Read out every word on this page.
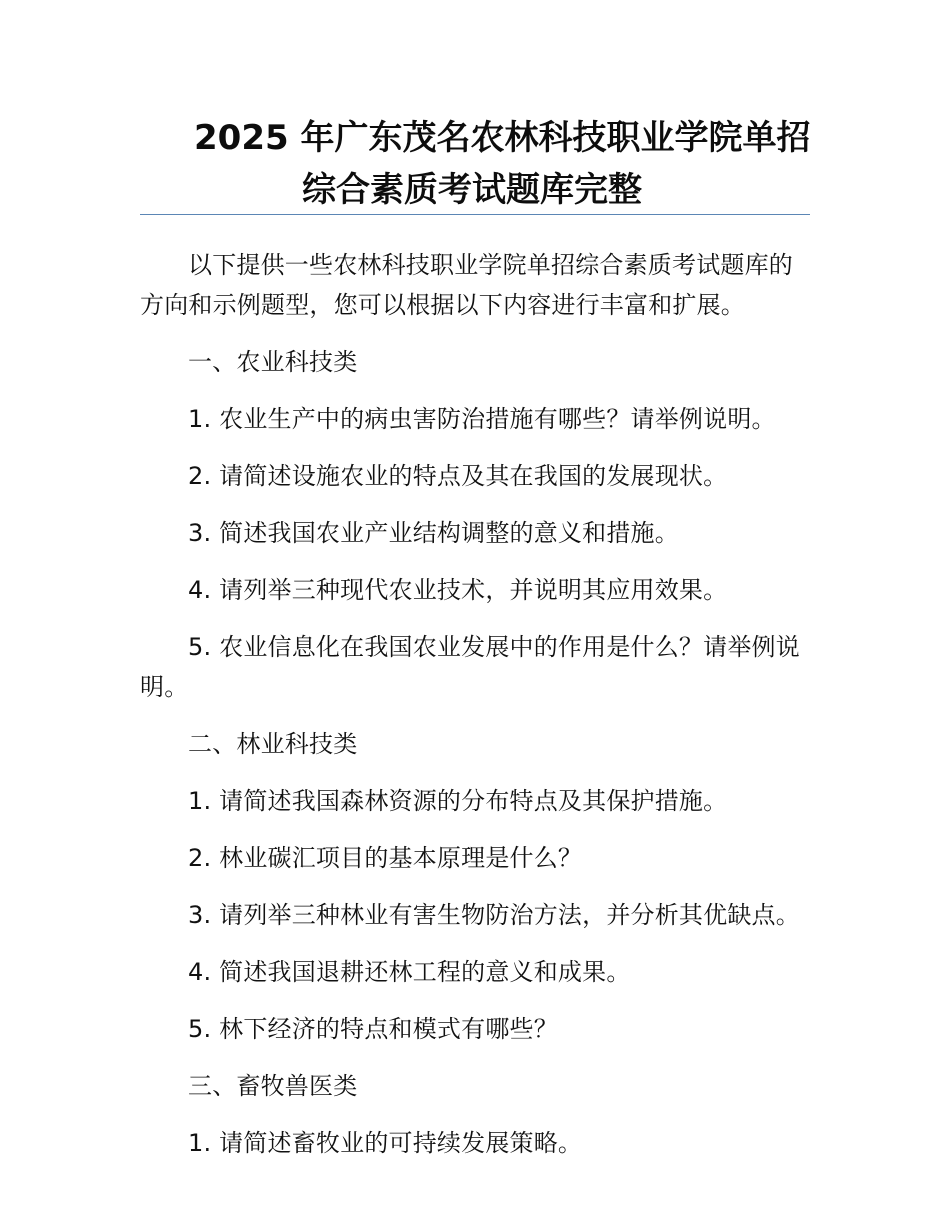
2025 年广东茂名农林科技职业学院单招
综合素质考试题库完整

以下提供一些农林科技职业学院单招综合素质考试题库的方向和示例题型，您可以根据以下内容进行丰富和扩展。

一、农业科技类

1. 农业生产中的病虫害防治措施有哪些？请举例说明。

2. 请简述设施农业的特点及其在我国的发展现状。

3. 简述我国农业产业结构调整的意义和措施。

4. 请列举三种现代农业技术，并说明其应用效果。

5. 农业信息化在我国农业发展中的作用是什么？请举例说明。

二、林业科技类

1. 请简述我国森林资源的分布特点及其保护措施。

2. 林业碳汇项目的基本原理是什么？

3. 请列举三种林业有害生物防治方法，并分析其优缺点。

4. 简述我国退耕还林工程的意义和成果。

5. 林下经济的特点和模式有哪些？

三、畜牧兽医类

1. 请简述畜牧业的可持续发展策略。
